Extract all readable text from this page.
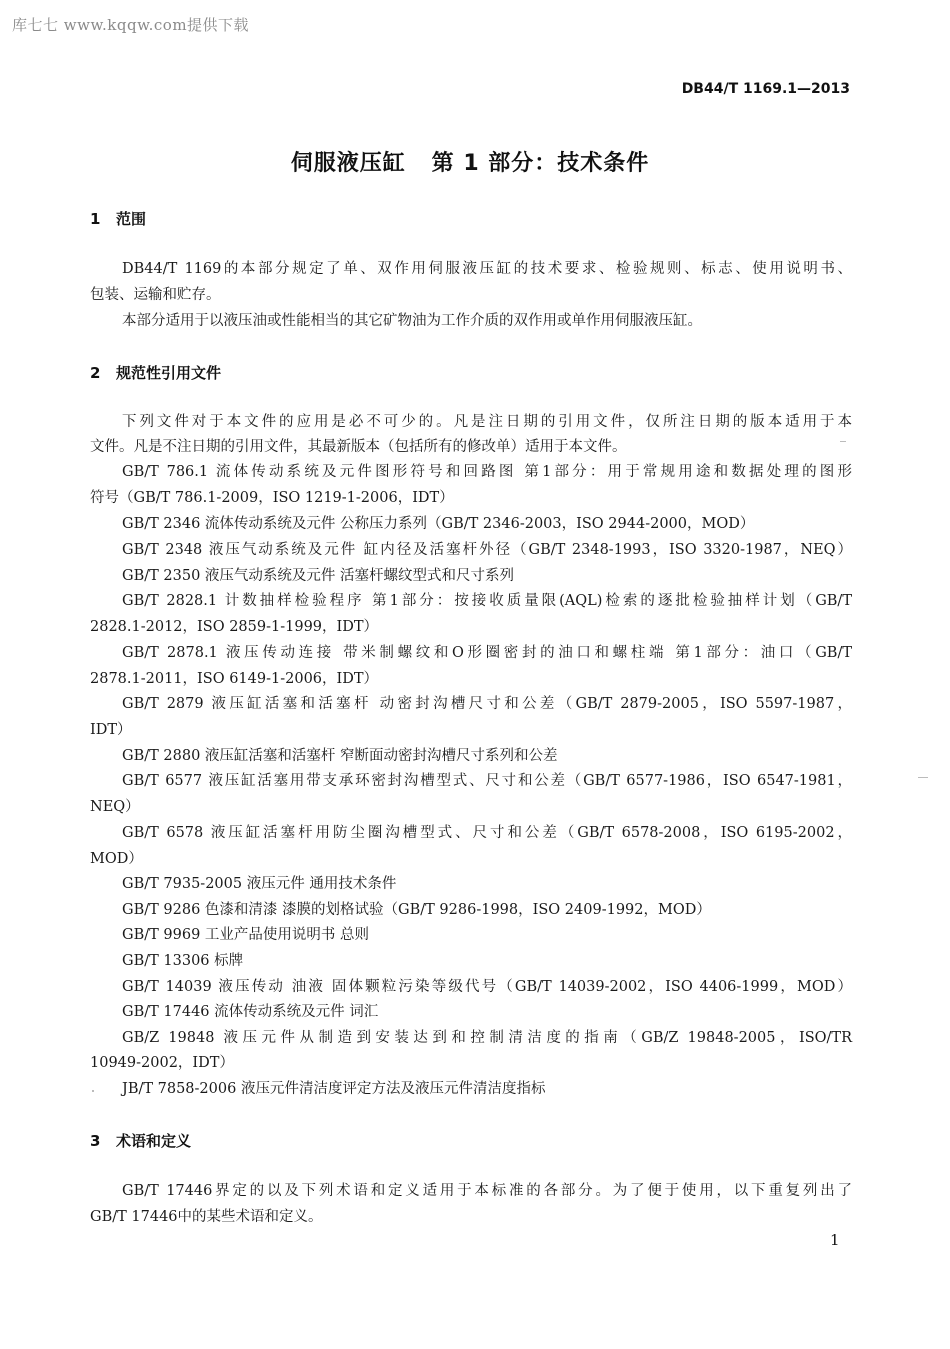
库七七 www.kqqw.com提供下载
DB44/T 1169.1—2013
伺服液压缸   第 1 部分：技术条件
1 范围
DB44/T 1169的本部分规定了单、双作用伺服液压缸的技术要求、检验规则、标志、使用说明书、
包装、运输和贮存。
本部分适用于以液压油或性能相当的其它矿物油为工作介质的双作用或单作用伺服液压缸。
2 规范性引用文件
下列文件对于本文件的应用是必不可少的。凡是注日期的引用文件，仅所注日期的版本适用于本
文件。凡是不注日期的引用文件，其最新版本（包括所有的修改单）适用于本文件。
GB/T 786.1 流体传动系统及元件图形符号和回路图 第1部分：用于常规用途和数据处理的图形
符号（GB/T 786.1-2009，ISO 1219-1-2006，IDT）
GB/T 2346 流体传动系统及元件 公称压力系列（GB/T 2346-2003，ISO 2944-2000，MOD）
GB/T 2348 液压气动系统及元件 缸内径及活塞杆外径（GB/T 2348-1993，ISO 3320-1987，NEQ）
GB/T 2350 液压气动系统及元件 活塞杆螺纹型式和尺寸系列
GB/T 2828.1 计数抽样检验程序 第1部分：按接收质量限(AQL)检索的逐批检验抽样计划（GB/T
2828.1-2012，ISO 2859-1-1999，IDT）
GB/T 2878.1 液压传动连接 带米制螺纹和O形圈密封的油口和螺柱端 第1部分：油口（GB/T
2878.1-2011，ISO 6149-1-2006，IDT）
GB/T 2879 液压缸活塞和活塞杆 动密封沟槽尺寸和公差（GB/T 2879-2005，ISO 5597-1987，
IDT）
GB/T 2880 液压缸活塞和活塞杆 窄断面动密封沟槽尺寸系列和公差
GB/T 6577 液压缸活塞用带支承环密封沟槽型式、尺寸和公差（GB/T 6577-1986，ISO 6547-1981，
NEQ）
GB/T 6578 液压缸活塞杆用防尘圈沟槽型式、尺寸和公差（GB/T 6578-2008，ISO 6195-2002，
MOD）
GB/T 7935-2005 液压元件 通用技术条件
GB/T 9286 色漆和清漆 漆膜的划格试验（GB/T 9286-1998，ISO 2409-1992，MOD）
GB/T 9969 工业产品使用说明书 总则
GB/T 13306 标牌
GB/T 14039 液压传动 油液 固体颗粒污染等级代号（GB/T 14039-2002，ISO 4406-1999，MOD）
GB/T 17446 流体传动系统及元件 词汇
GB/Z 19848 液压元件从制造到安装达到和控制清洁度的指南（GB/Z 19848-2005，ISO/TR
10949-2002，IDT）
JB/T 7858-2006 液压元件清洁度评定方法及液压元件清洁度指标
3 术语和定义
GB/T 17446界定的以及下列术语和定义适用于本标准的各部分。为了便于使用，以下重复列出了
GB/T 17446中的某些术语和定义。
1
